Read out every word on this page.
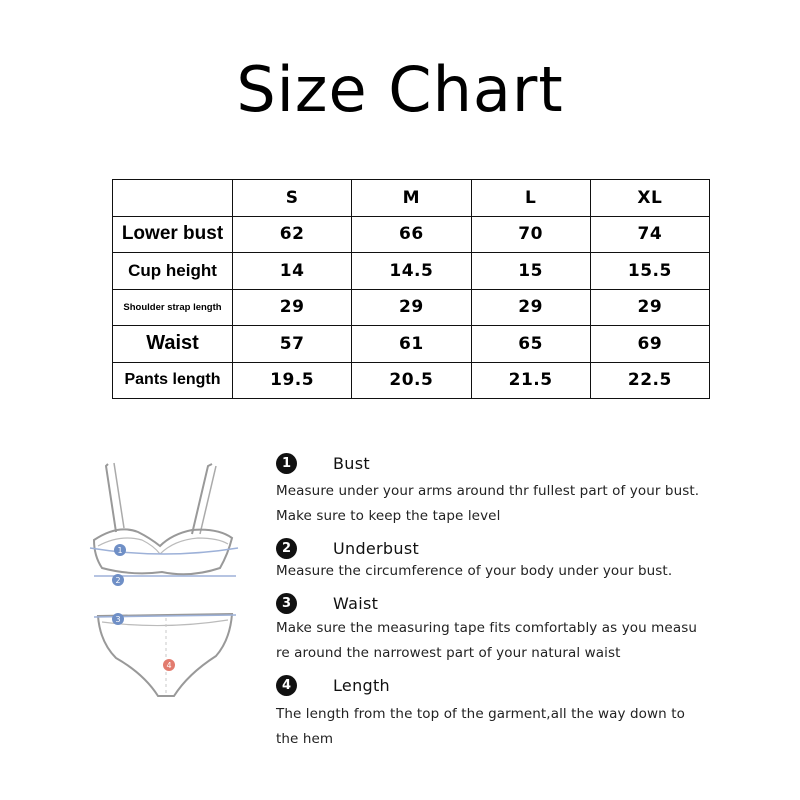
Size Chart
	S	M	L	XL
Lower bust	62	66	70	74
Cup height	14	14.5	15	15.5
Shoulder strap length	29	29	29	29
Waist	57	61	65	69
Pants length	19.5	20.5	21.5	22.5
1
2
3
4
1	Bust
Measure under your arms around thr fullest part of your bust.
Make sure to keep the tape level
2	Underbust
Measure the circumference of your body under your bust.
3	Waist
Make sure the measuring tape fits comfortably as you measu
re around the narrowest part of your natural waist
4	Length
The length from the top of the garment,all the way down to
the hem
